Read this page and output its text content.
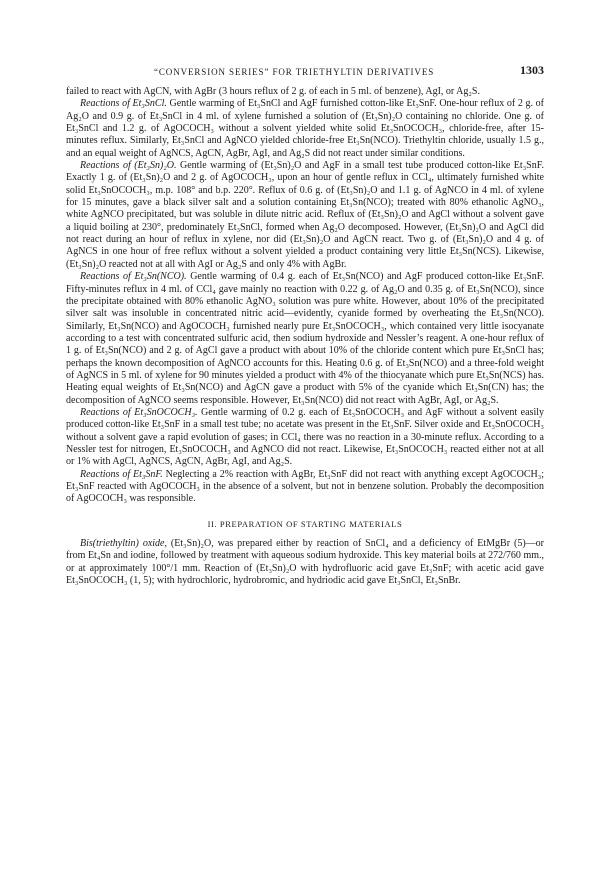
“CONVERSION SERIES” FOR TRIETHYLTIN DERIVATIVES	1303

failed to react with AgCN, with AgBr (3 hours reflux of 2 g. of each in 5 ml. of benzene), AgI, or Ag₂S.

Reactions of Et₃SnCl. Gentle warming of Et₃SnCl and AgF furnished cotton-like Et₃SnF. One-hour reflux of 2 g. of Ag₂O and 0.9 g. of Et₃SnCl in 4 ml. of xylene furnished a solution of (Et₃Sn)₂O containing no chloride. One g. of Et₃SnCl and 1.2 g. of AgOCOCH₃ without a solvent yielded white solid Et₃SnOCOCH₃, chloride-free, after 15-minutes reflux. Similarly, Et₃SnCl and AgNCO yielded chloride-free Et₃Sn(NCO). Triethyltin chloride, usually 1.5 g., and an equal weight of AgNCS, AgCN, AgBr, AgI, and Ag₂S did not react under similar conditions.

Reactions of (Et₃Sn)₂O. Gentle warming of (Et₃Sn)₂O and AgF in a small test tube produced cotton-like Et₃SnF. Exactly 1 g. of (Et₃Sn)₂O and 2 g. of AgOCOCH₃, upon an hour of gentle reflux in CCl₄, ultimately furnished white solid Et₃SnOCOCH₃, m.p. 108° and b.p. 220°. Reflux of 0.6 g. of (Et₃Sn)₂O and 1.1 g. of AgNCO in 4 ml. of xylene for 15 minutes, gave a black silver salt and a solution containing Et₃Sn(NCO); treated with 80% ethanolic AgNO₃, white AgNCO precipitated, but was soluble in dilute nitric acid. Reflux of (Et₃Sn)₂O and AgCl without a solvent gave a liquid boiling at 230°, predominately Et₃SnCl, formed when Ag₂O decomposed. However, (Et₃Sn)₂O and AgCl did not react during an hour of reflux in xylene, nor did (Et₃Sn)₂O and AgCN react. Two g. of (Et₃Sn)₂O and 4 g. of AgNCS in one hour of free reflux without a solvent yielded a product containing very little Et₃Sn(NCS). Likewise, (Et₃Sn)₂O reacted not at all with AgI or Ag₂S and only 4% with AgBr.

Reactions of Et₃Sn(NCO). Gentle warming of 0.4 g. each of Et₃Sn(NCO) and AgF produced cotton-like Et₃SnF. Fifty-minutes reflux in 4 ml. of CCl₄ gave mainly no reaction with 0.22 g. of Ag₂O and 0.35 g. of Et₃Sn(NCO), since the precipitate obtained with 80% ethanolic AgNO₃ solution was pure white. However, about 10% of the precipitated silver salt was insoluble in concentrated nitric acid—evidently, cyanide formed by overheating the Et₃Sn(NCO). Similarly, Et₃Sn(NCO) and AgOCOCH₃ furnished nearly pure Et₃SnOCOCH₃, which contained very little isocyanate according to a test with concentrated sulfuric acid, then sodium hydroxide and Nessler’s reagent. A one-hour reflux of 1 g. of Et₃Sn(NCO) and 2 g. of AgCl gave a product with about 10% of the chloride content which pure Et₃SnCl has; perhaps the known decomposition of AgNCO accounts for this. Heating 0.6 g. of Et₃Sn(NCO) and a three-fold weight of AgNCS in 5 ml. of xylene for 90 minutes yielded a product with 4% of the thiocyanate which pure Et₃Sn(NCS) has. Heating equal weights of Et₃Sn(NCO) and AgCN gave a product with 5% of the cyanide which Et₃Sn(CN) has; the decomposition of AgNCO seems responsible. However, Et₃Sn(NCO) did not react with AgBr, AgI, or Ag₂S.

Reactions of Et₃SnOCOCH₃. Gentle warming of 0.2 g. each of Et₃SnOCOCH₃ and AgF without a solvent easily produced cotton-like Et₃SnF in a small test tube; no acetate was present in the Et₃SnF. Silver oxide and Et₃SnOCOCH₃ without a solvent gave a rapid evolution of gases; in CCl₄ there was no reaction in a 30-minute reflux. According to a Nessler test for nitrogen, Et₃SnOCOCH₃ and AgNCO did not react. Likewise, Et₃SnOCOCH₃ reacted either not at all or 1% with AgCl, AgNCS, AgCN, AgBr, AgI, and Ag₂S.

Reactions of Et₃SnF. Neglecting a 2% reaction with AgBr, Et₃SnF did not react with anything except AgOCOCH₃; Et₃SnF reacted with AgOCOCH₃ in the absence of a solvent, but not in benzene solution. Probably the decomposition of AgOCOCH₃ was responsible.

II. PREPARATION OF STARTING MATERIALS

Bis(triethyltin) oxide, (Et₃Sn)₂O, was prepared either by reaction of SnCl₄ and a deficiency of EtMgBr (5)—or from Et₄Sn and iodine, followed by treatment with aqueous sodium hydroxide. This key material boils at 272/760 mm., or at approximately 100°/1 mm. Reaction of (Et₃Sn)₂O with hydrofluoric acid gave Et₃SnF; with acetic acid gave Et₃SnOCOCH₃ (1, 5); with hydrochloric, hydrobromic, and hydriodic acid gave Et₃SnCl, Et₃SnBr.
